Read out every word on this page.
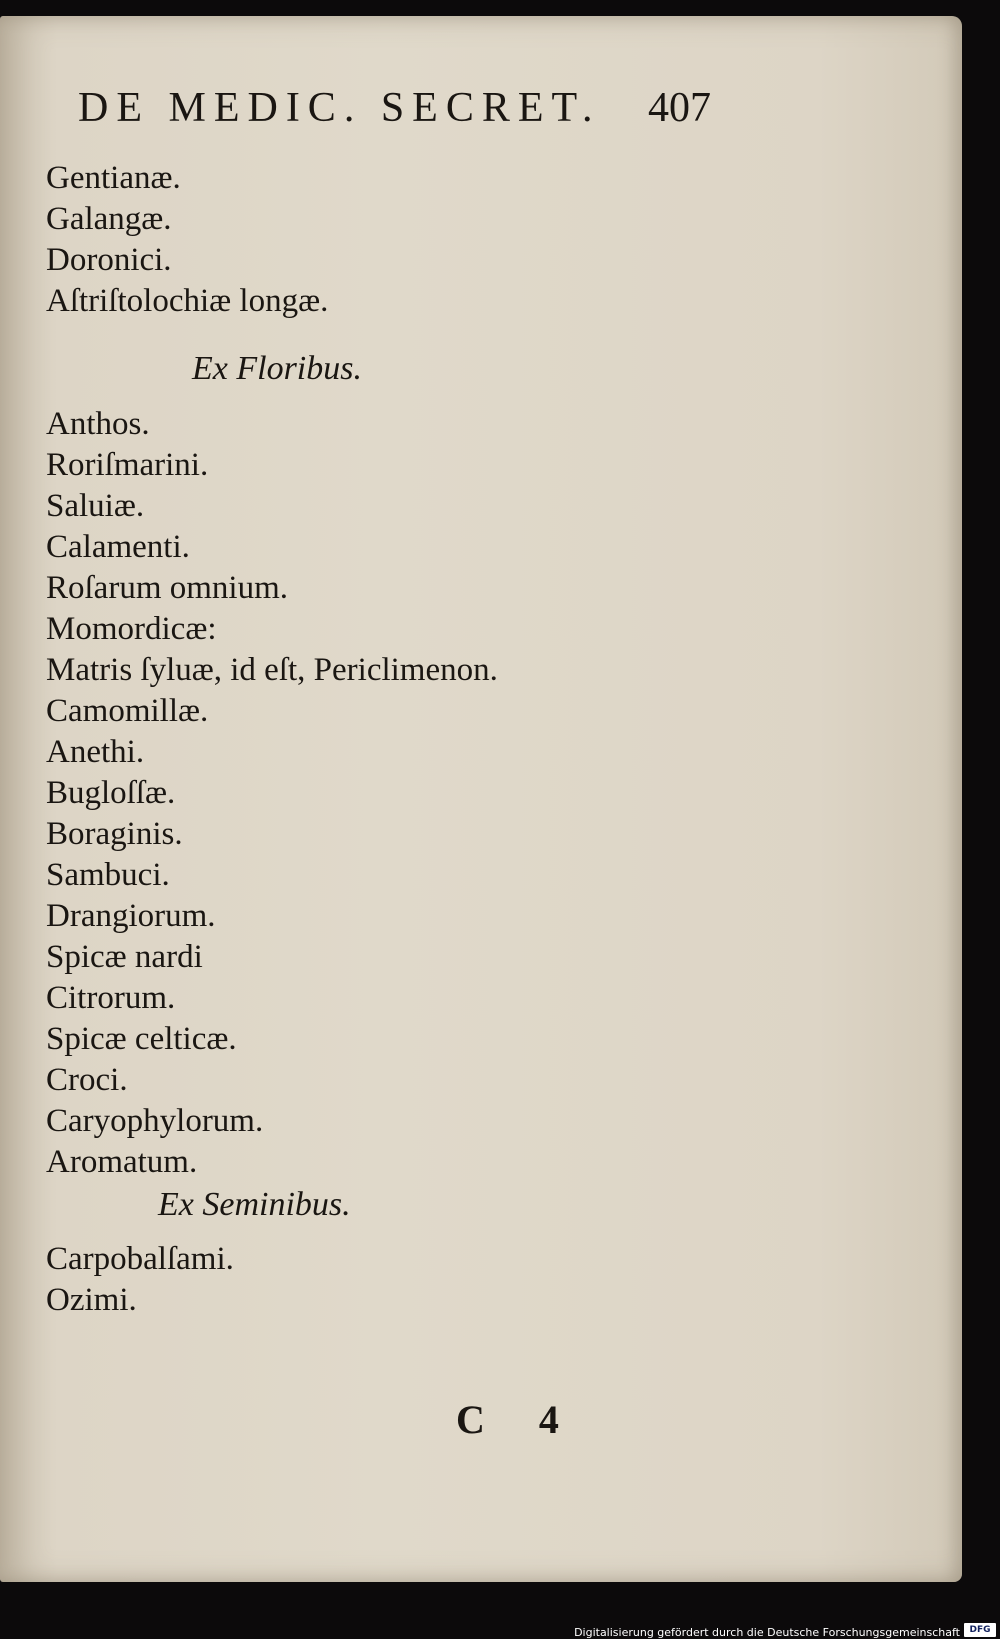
DE MEDIC. SECRET. 407
Gentianæ.
Galangæ.
Doronici.
Aſtriſtolochiæ longæ.
Ex Floribus.
Anthos.
Roriſmarini.
Saluiæ.
Calamenti.
Roſarum omnium.
Momordicæ:
Matris ſyluæ, id eſt, Periclimenon.
Camomillæ.
Anethi.
Bugloſſæ.
Boraginis.
Sambuci.
Drangiorum.
Spicæ nardi
Citrorum.
Spicæ celticæ.
Croci.
Caryophylorum.
Aromatum.
Ex Seminibus.
Carpobalſami.
Ozimi.
C 4
Digitalisierung gefördert durch die Deutsche Forschungsgemeinschaft	DFG
